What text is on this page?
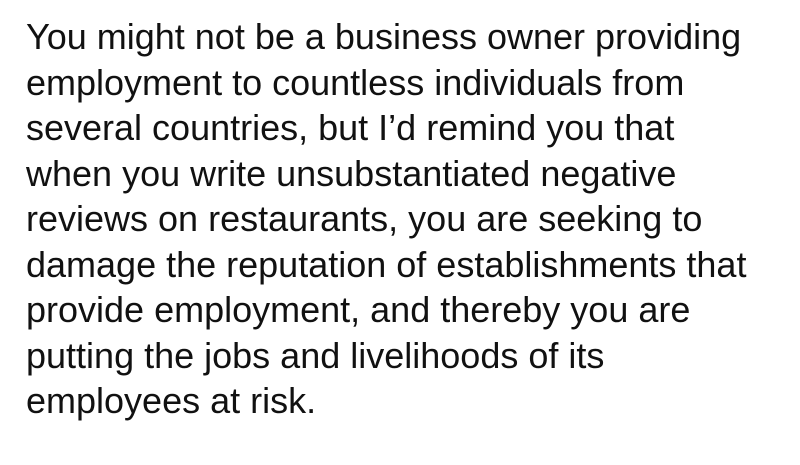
You might not be a business owner providing
employment to countless individuals from
several countries, but I’d remind you that
when you write unsubstantiated negative
reviews on restaurants, you are seeking to
damage the reputation of establishments that
provide employment, and thereby you are
putting the jobs and livelihoods of its
employees at risk.
